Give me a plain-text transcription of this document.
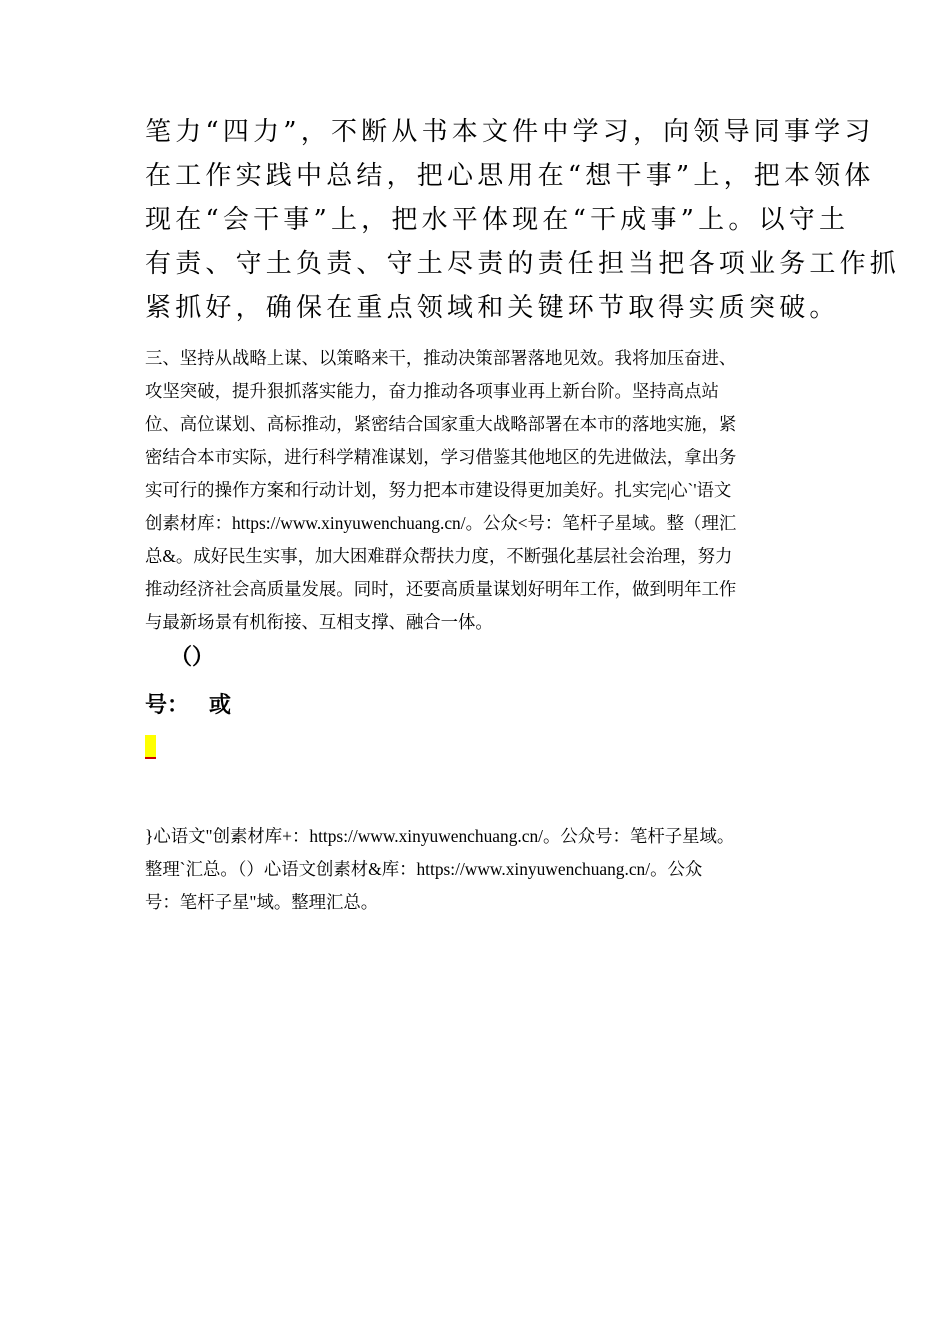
笔力“四力”，不断从书本文件中学习，向领导同事学习
在工作实践中总结，把心思用在“想干事”上，把本领体
现在“会干事”上，把水平体现在“干成事”上。以守土
有责、守土负责、守土尽责的责任担当把各项业务工作抓
紧抓好，确保在重点领域和关键环节取得实质突破。
三、坚持从战略上谋、以策略来干，推动决策部署落地见效。我将加压奋进、
攻坚突破，提升狠抓落实能力，奋力推动各项事业再上新台阶。坚持高点站
位、高位谋划、高标推动，紧密结合国家重大战略部署在本市的落地实施，紧
密结合本市实际，进行科学精准谋划，学习借鉴其他地区的先进做法，拿出务
实可行的操作方案和行动计划，努力把本市建设得更加美好。扎实完|心`'语文
创素材库：https://www.xinyuwenchuang.cn/。公众<号：笔杆子星域。整（理汇
总&。成好民生实事，加大困难群众帮扶力度，不断强化基层社会治理，努力
推动经济社会高质量发展。同时，还要高质量谋划好明年工作，做到明年工作
与最新场景有机衔接、互相支撑、融合一体。
（）
号： 或
}心语文"创素材库+：https://www.xinyuwenchuang.cn/。公众号：笔杆子星域。
整理`汇总。（）心语文创素材&库：https://www.xinyuwenchuang.cn/。公众
号：笔杆子星"域。整理汇总。
